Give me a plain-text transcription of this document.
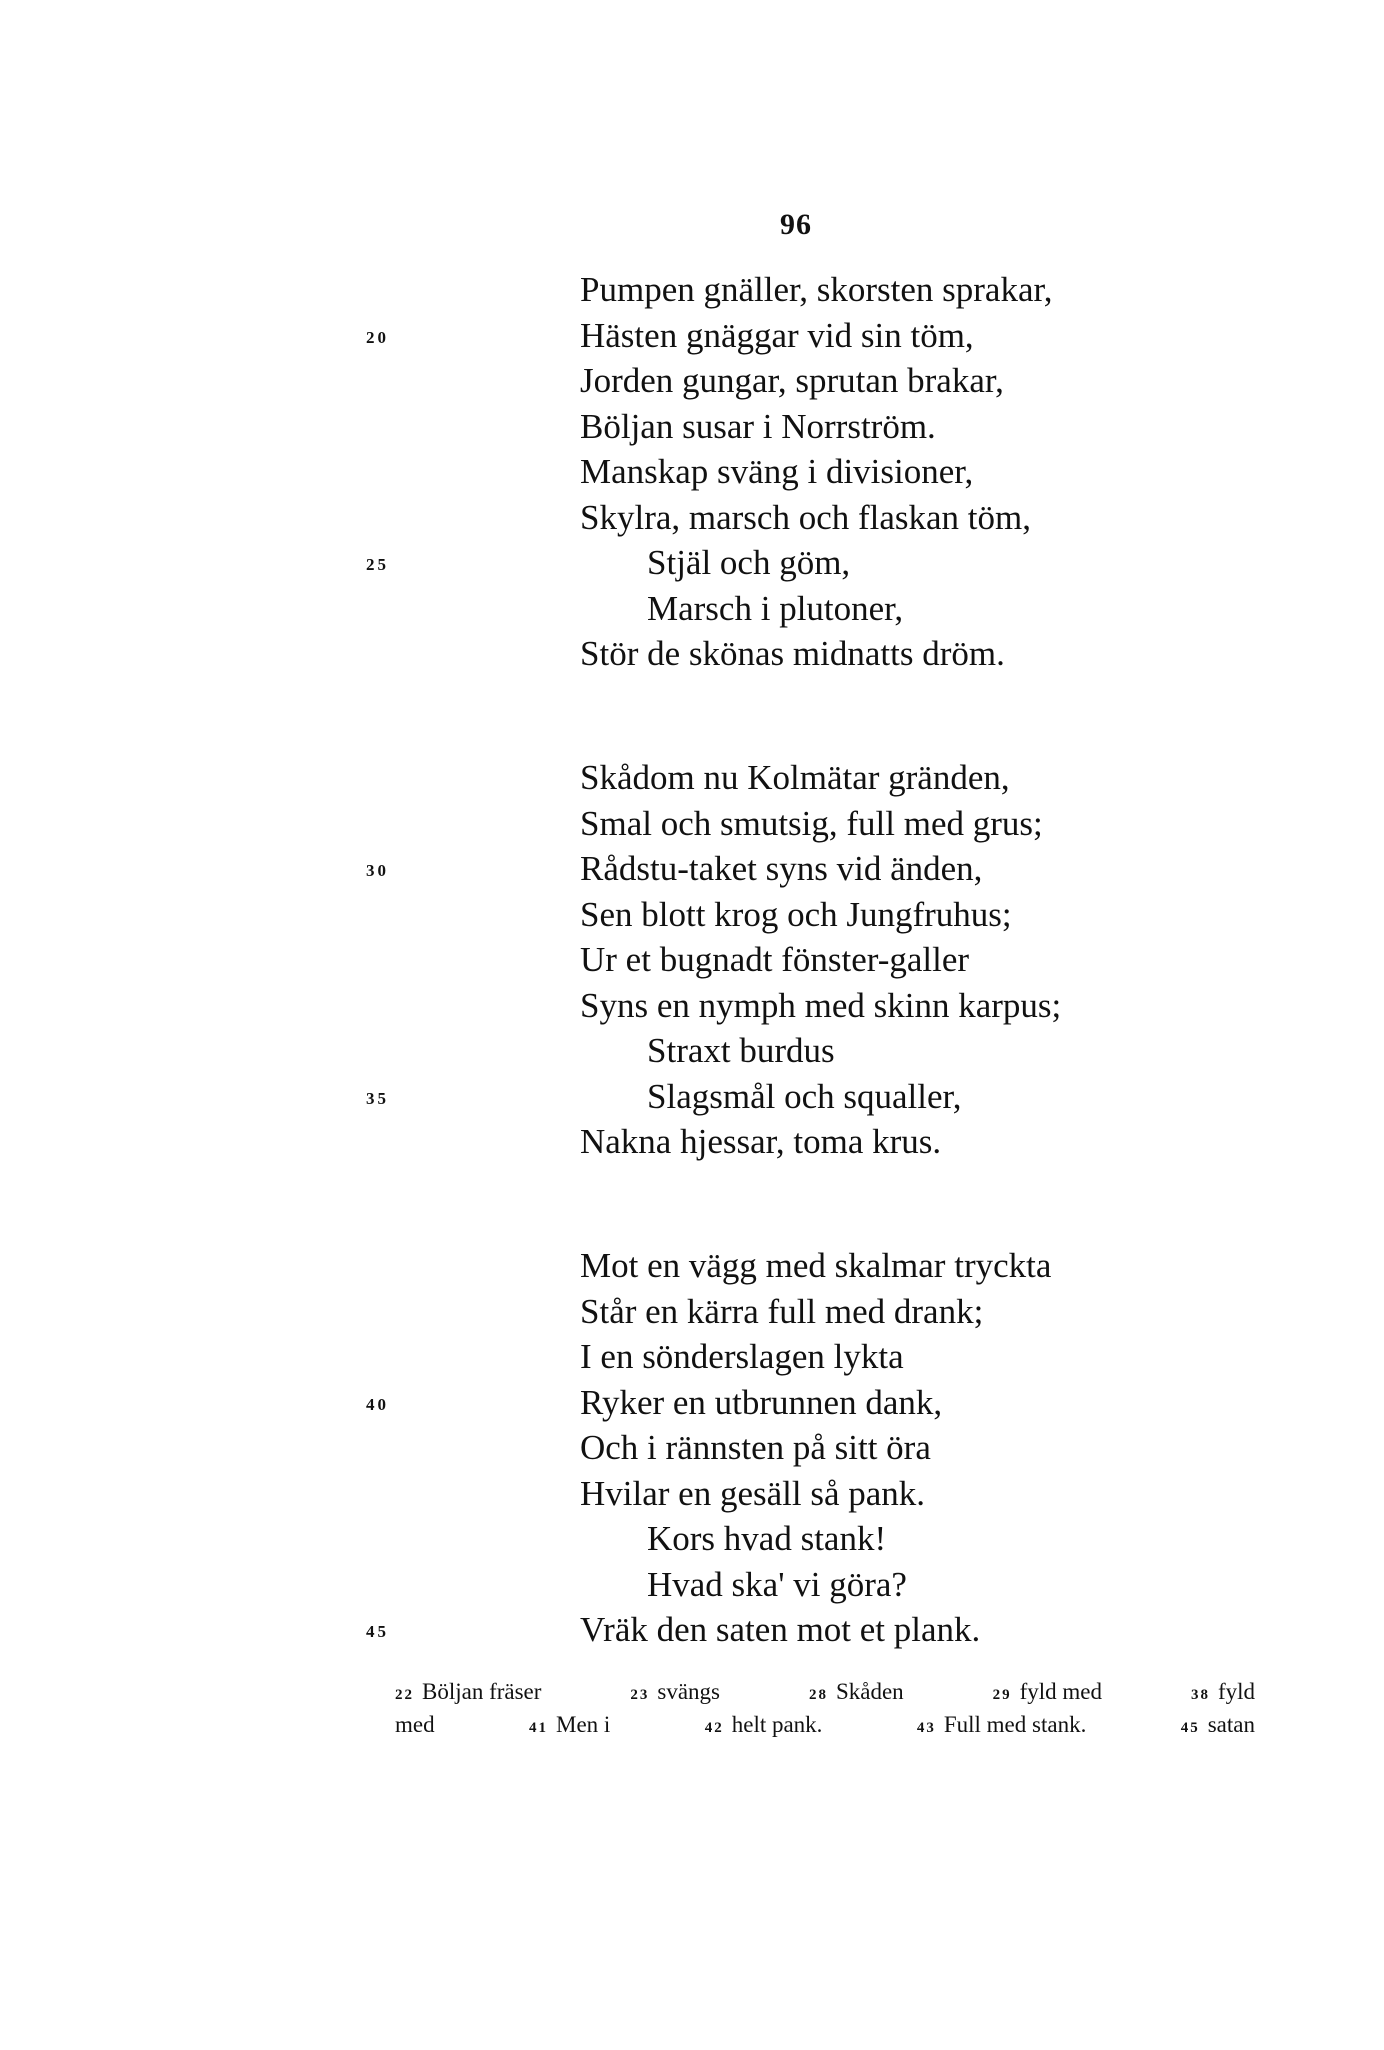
96
Pumpen gnäller, skorsten sprakar,
20	Hästen gnäggar vid sin töm,
Jorden gungar, sprutan brakar,
Böljan susar i Norrström.
Manskap sväng i divisioner,
Skylra, marsch och flaskan töm,
25	Stjäl och göm,
Marsch i plutoner,
Stör de skönas midnatts dröm.
Skådom nu Kolmätar gränden,
Smal och smutsig, full med grus;
30	Rådstu-taket syns vid änden,
Sen blott krog och Jungfruhus;
Ur et bugnadt fönster-galler
Syns en nymph med skinn karpus;
Straxt burdus
35	Slagsmål och squaller,
Nakna hjessar, toma krus.
Mot en vägg med skalmar tryckta
Står en kärra full med drank;
I en sönderslagen lykta
40	Ryker en utbrunnen dank,
Och i rännsten på sitt öra
Hvilar en gesäll så pank.
Kors hvad stank!
Hvad ska' vi göra?
45	Vräk den saten mot et plank.
22 Böljan fräser	23 svängs	28 Skåden	29 fyld med	38 fyld
med	41 Men i	42 helt pank.	43 Full med stank.	45 satan
